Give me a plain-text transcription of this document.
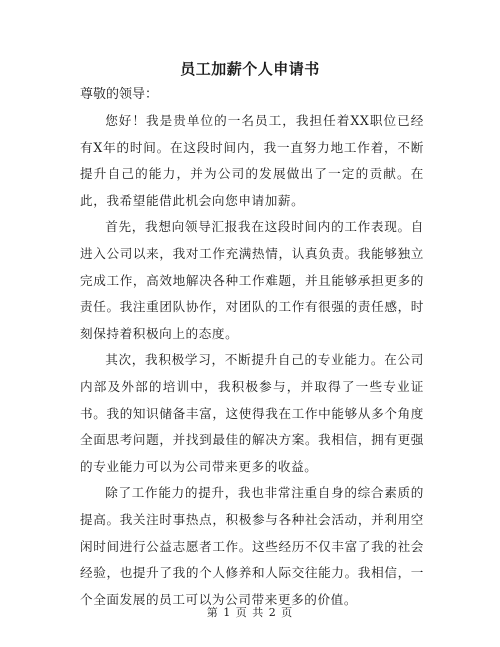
员工加薪个人申请书
尊敬的领导：

您好！我是贵单位的一名员工，我担任着XX职位已经有X年的时间。在这段时间内，我一直努力地工作着，不断提升自己的能力，并为公司的发展做出了一定的贡献。在此，我希望能借此机会向您申请加薪。

首先，我想向领导汇报我在这段时间内的工作表现。自进入公司以来，我对工作充满热情，认真负责。我能够独立完成工作，高效地解决各种工作难题，并且能够承担更多的责任。我注重团队协作，对团队的工作有很强的责任感，时刻保持着积极向上的态度。

其次，我积极学习，不断提升自己的专业能力。在公司内部及外部的培训中，我积极参与，并取得了一些专业证书。我的知识储备丰富，这使得我在工作中能够从多个角度全面思考问题，并找到最佳的解决方案。我相信，拥有更强的专业能力可以为公司带来更多的收益。

除了工作能力的提升，我也非常注重自身的综合素质的提高。我关注时事热点，积极参与各种社会活动，并利用空闲时间进行公益志愿者工作。这些经历不仅丰富了我的社会经验，也提升了我的个人修养和人际交往能力。我相信，一个全面发展的员工可以为公司带来更多的价值。

第 1 页 共 2 页
